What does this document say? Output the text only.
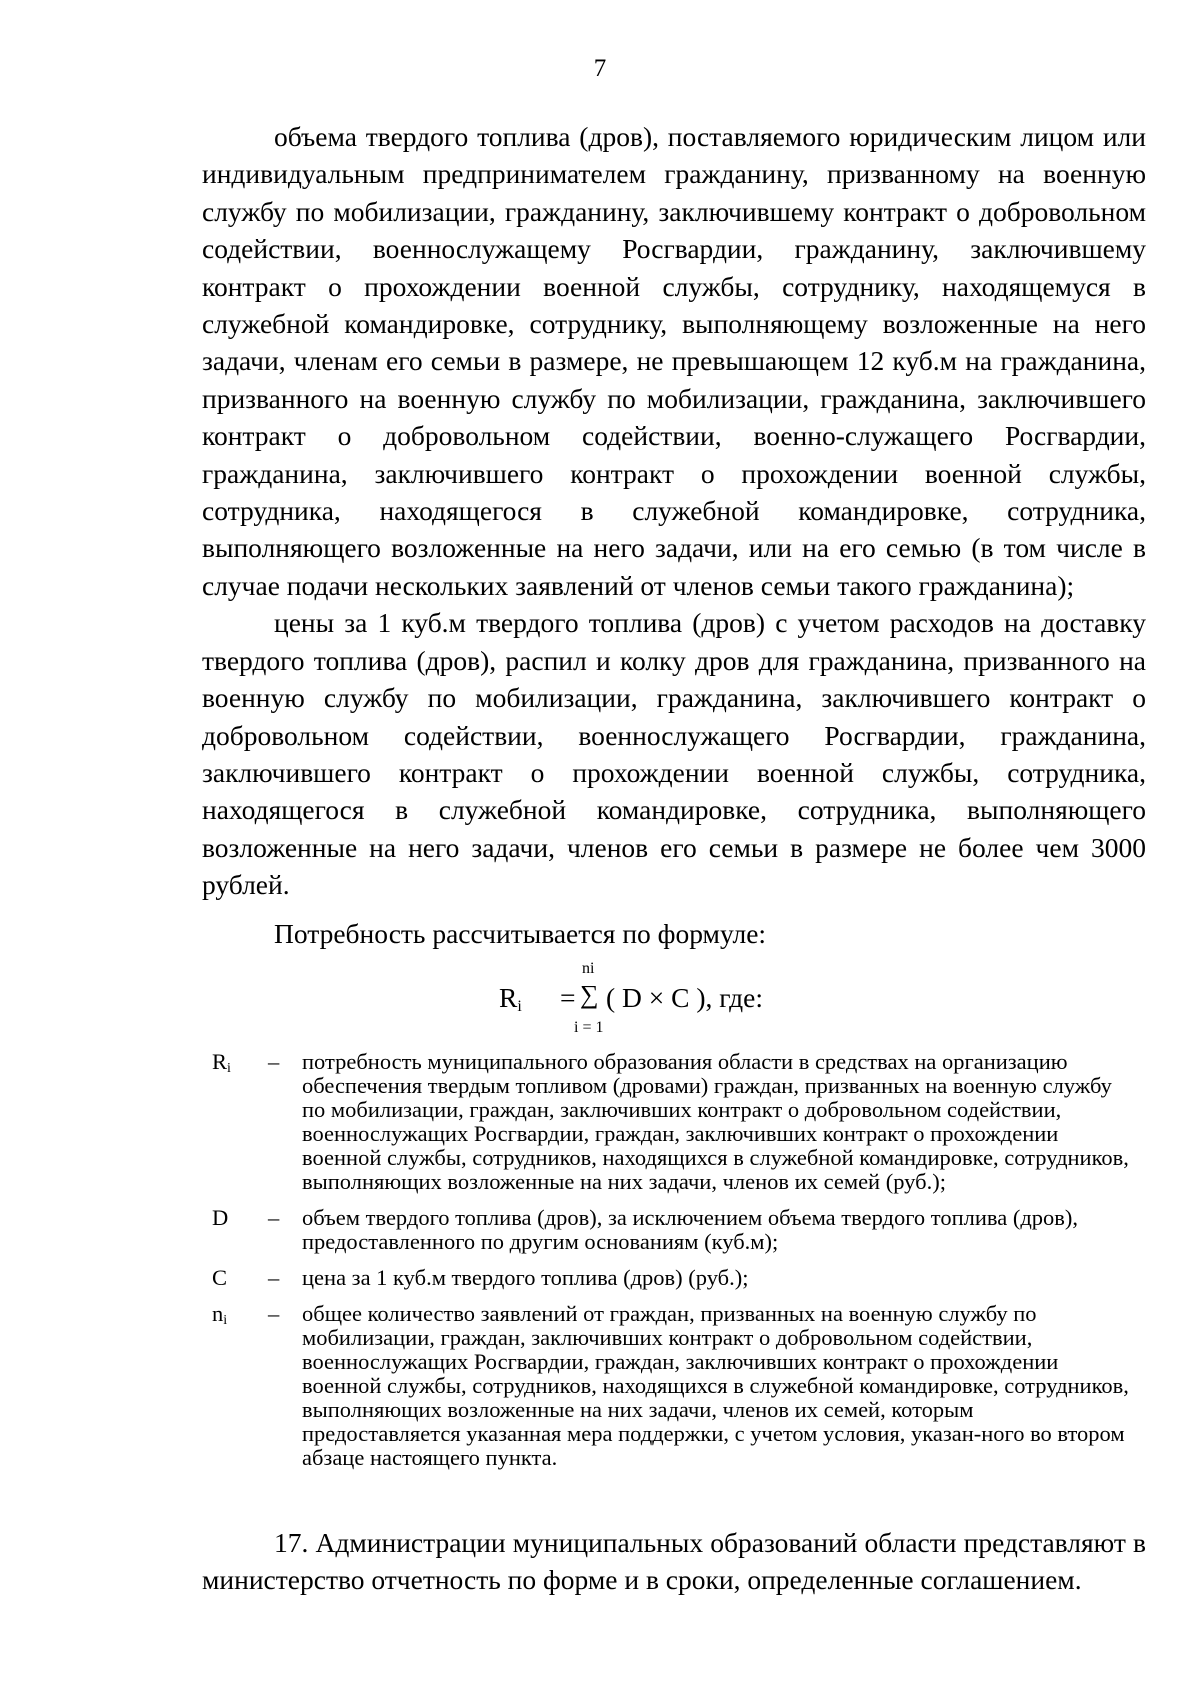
7

объема твердого топлива (дров), поставляемого юридическим лицом или индивидуальным предпринимателем гражданину, призванному на военную службу по мобилизации, гражданину, заключившему контракт о добровольном содействии, военнослужащему Росгвардии, гражданину, заключившему контракт о прохождении военной службы, сотруднику, находящемуся в служебной командировке, сотруднику, выполняющему возложенные на него задачи, членам его семьи в размере, не превышающем 12 куб.м на гражданина, призванного на военную службу по мобилизации, гражданина, заключившего контракт о добровольном содействии, военно-служащего Росгвардии, гражданина, заключившего контракт о прохождении военной службы, сотрудника, находящегося в служебной командировке, сотрудника, выполняющего возложенные на него задачи, или на его семью (в том числе в случае подачи нескольких заявлений от членов семьи такого гражданина);

цены за 1 куб.м твердого топлива (дров) с учетом расходов на доставку твердого топлива (дров), распил и колку дров для гражданина, призванного на военную службу по мобилизации, гражданина, заключившего контракт о добровольном содействии, военнослужащего Росгвардии, гражданина, заключившего контракт о прохождении военной службы, сотрудника, находящегося в служебной командировке, сотрудника, выполняющего возложенные на него задачи, членов его семьи в размере не более чем 3000 рублей.

Потребность рассчитывается по формуле:
$R_i$ =
ni
∑
i = 1
( D × C ), где:
$R_i$ – потребность муниципального образования области в средствах на организацию обеспечения твердым топливом (дровами) граждан, призванных на военную службу по мобилизации, граждан, заключивших контракт о добровольном содействии, военнослужащих Росгвардии, граждан, заключивших контракт о прохождении военной службы, сотрудников, находящихся в служебной командировке, сотрудников, выполняющих возложенные на них задачи, членов их семей (руб.);
D – объем твердого топлива (дров), за исключением объема твердого топлива (дров), предоставленного по другим основаниям (куб.м);
C – цена за 1 куб.м твердого топлива (дров) (руб.);
$n_i$ – общее количество заявлений от граждан, призванных на военную службу по мобилизации, граждан, заключивших контракт о добровольном содействии, военнослужащих Росгвардии, граждан, заключивших контракт о прохождении военной службы, сотрудников, находящихся в служебной командировке, сотрудников, выполняющих возложенные на них задачи, членов их семей, которым предоставляется указанная мера поддержки, с учетом условия, указан-ного во втором абзаце настоящего пункта.

17. Администрации муниципальных образований области представляют в министерство отчетность по форме и в сроки, определенные соглашением.
